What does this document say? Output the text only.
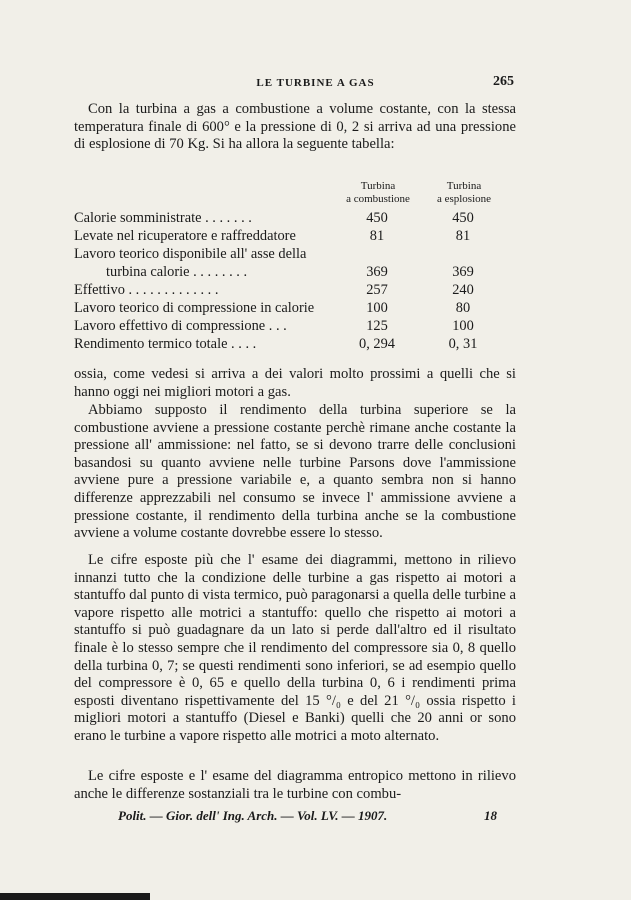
LE TURBINE A GAS	265

Con la turbina a gas a combustione a volume costante, con la stessa temperatura finale di 600° e la pressione di 0, 2 si arriva ad una pressione di esplosione di 70 Kg. Si ha allora la seguente tabella:

Turbina
a combustione
Turbina
a esplosione
Calorie somministrate . . . . . . .	450	450
Levate nel ricuperatore e raffreddatore	81	81
Lavoro teorico disponibile all' asse della
turbina calorie . . . . . . . .	369	369
Effettivo . . . . . . . . . . . . .	257	240
Lavoro teorico di compressione in calorie	100	80
Lavoro effettivo di compressione . . .	125	100
Rendimento termico totale . . . .	0, 294	0, 31

ossia, come vedesi si arriva a dei valori molto prossimi a quelli che si hanno oggi nei migliori motori a gas.

Abbiamo supposto il rendimento della turbina superiore se la combustione avviene a pressione costante perchè rimane anche costante la pressione all' ammissione: nel fatto, se si devono trarre delle conclusioni basandosi su quanto avviene nelle turbine Parsons dove l'ammissione avviene pure a pressione variabile e, a quanto sembra non si hanno differenze apprezzabili nel consumo se invece l' ammissione avviene a pressione costante, il rendimento della turbina anche se la combustione avviene a volume costante dovrebbe essere lo stesso.

Le cifre esposte più che l' esame dei diagrammi, mettono in rilievo innanzi tutto che la condizione delle turbine a gas rispetto ai motori a stantuffo dal punto di vista termico, può paragonarsi a quella delle turbine a vapore rispetto alle motrici a stantuffo: quello che rispetto ai motori a stantuffo si può guadagnare da un lato si perde dall'altro ed il risultato finale è lo stesso sempre che il rendimento del compressore sia 0, 8 quello della turbina 0, 7; se questi rendimenti sono inferiori, se ad esempio quello del compressore è 0, 65 e quello della turbina 0, 6 i rendimenti prima esposti diventano rispettivamente del 15 °/₀ e del 21 °/₀ ossia rispetto i migliori motori a stantuffo (Diesel e Banki) quelli che 20 anni or sono erano le turbine a vapore rispetto alle motrici a moto alternato.

Le cifre esposte e l' esame del diagramma entropico mettono in rilievo anche le differenze sostanziali tra le turbine con combu-

Polit. — Gior. dell' Ing. Arch. — Vol. LV. — 1907.	18
